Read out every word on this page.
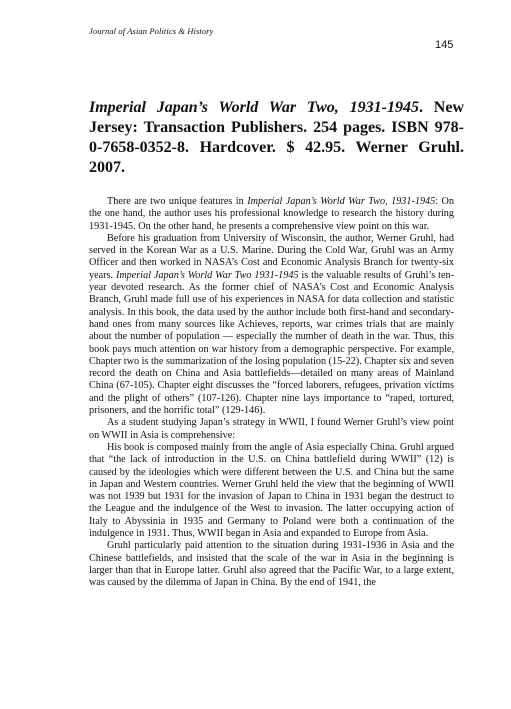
Journal of Asian Politics & History
145
Imperial Japan’s World War Two, 1931-1945. New Jersey: Transaction Publishers. 254 pages. ISBN 978-0-7658-0352-8. Hardcover. $ 42.95. Werner Gruhl. 2007.

There are two unique features in Imperial Japan’s World War Two, 1931-1945: On the one hand, the author uses his professional knowledge to research the history during 1931-1945. On the other hand, he presents a comprehensive view point on this war.

Before his graduation from University of Wisconsin, the author, Werner Gruhl, had served in the Korean War as a U.S. Marine. During the Cold War, Gruhl was an Army Officer and then worked in NASA’s Cost and Economic Analysis Branch for twenty-six years. Imperial Japan’s World War Two 1931-1945 is the valuable results of Gruhl’s ten-year devoted research. As the former chief of NASA’s Cost and Economic Analysis Branch, Gruhl made full use of his experiences in NASA for data collection and statistic analysis. In this book, the data used by the author include both first-hand and secondary-hand ones from many sources like Achieves, reports, war crimes trials that are mainly about the number of population — especially the number of death in the war. Thus, this book pays much attention on war history from a demographic perspective. For example, Chapter two is the summarization of the losing population (15-22). Chapter six and seven record the death on China and Asia battlefields—detailed on many areas of Mainland China (67-105). Chapter eight discusses the “forced laborers, refugees, privation victims and the plight of others” (107-126). Chapter nine lays importance to “raped, tortured, prisoners, and the horrific total” (129-146).

As a student studying Japan’s strategy in WWII, I found Werner Gruhl’s view point on WWII in Asia is comprehensive:

His book is composed mainly from the angle of Asia especially China. Gruhl argued that “the lack of introduction in the U.S. on China battlefield during WWII” (12) is caused by the ideologies which were different between the U.S. and China but the same in Japan and Western countries. Werner Gruhl held the view that the beginning of WWII was not 1939 but 1931 for the invasion of Japan to China in 1931 began the destruct to the League and the indulgence of the West to invasion. The latter occupying action of Italy to Abyssinia in 1935 and Germany to Poland were both a continuation of the indulgence in 1931. Thus, WWII began in Asia and expanded to Europe from Asia.

Gruhl particularly paid attention to the situation during 1931-1936 in Asia and the Chinese battlefields, and insisted that the scale of the war in Asia in the beginning is larger than that in Europe latter. Gruhl also agreed that the Pacific War, to a large extent, was caused by the dilemma of Japan in China. By the end of 1941, the
